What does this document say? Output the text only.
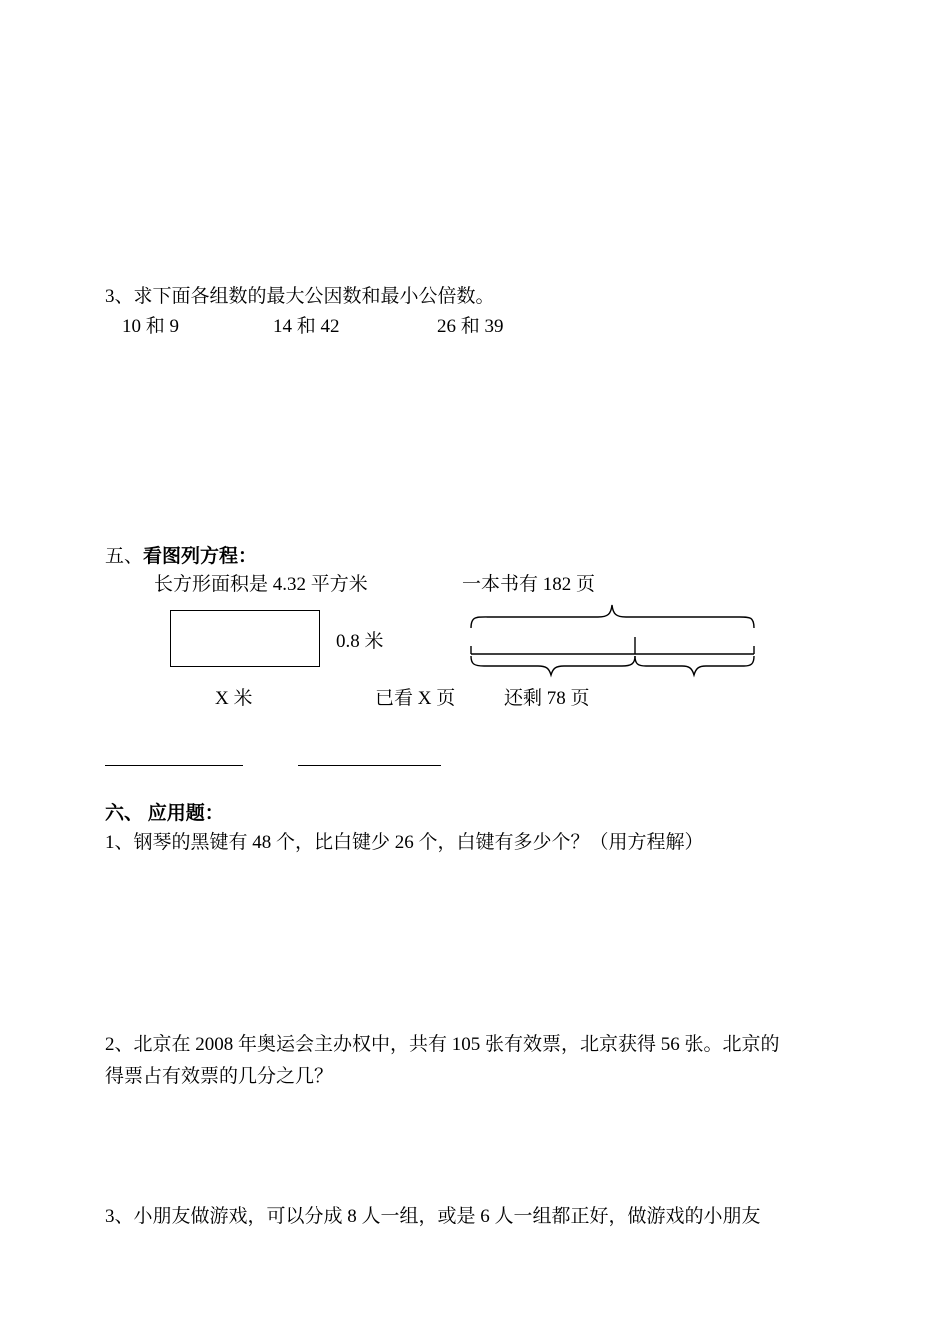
3、求下面各组数的最大公因数和最小公倍数。
10 和 9	14 和 42	26 和 39
五、看图列方程：
长方形面积是 4.32 平方米
0.8 米
X 米
一本书有 182 页
已看 X 页	还剩 78 页
六、 应用题：
1、钢琴的黑键有 48 个，比白键少 26 个，白键有多少个？（用方程解）
2、北京在 2008 年奥运会主办权中，共有 105 张有效票，北京获得 56 张。北京的
得票占有效票的几分之几？
3、小朋友做游戏，可以分成 8 人一组，或是 6 人一组都正好，做游戏的小朋友
